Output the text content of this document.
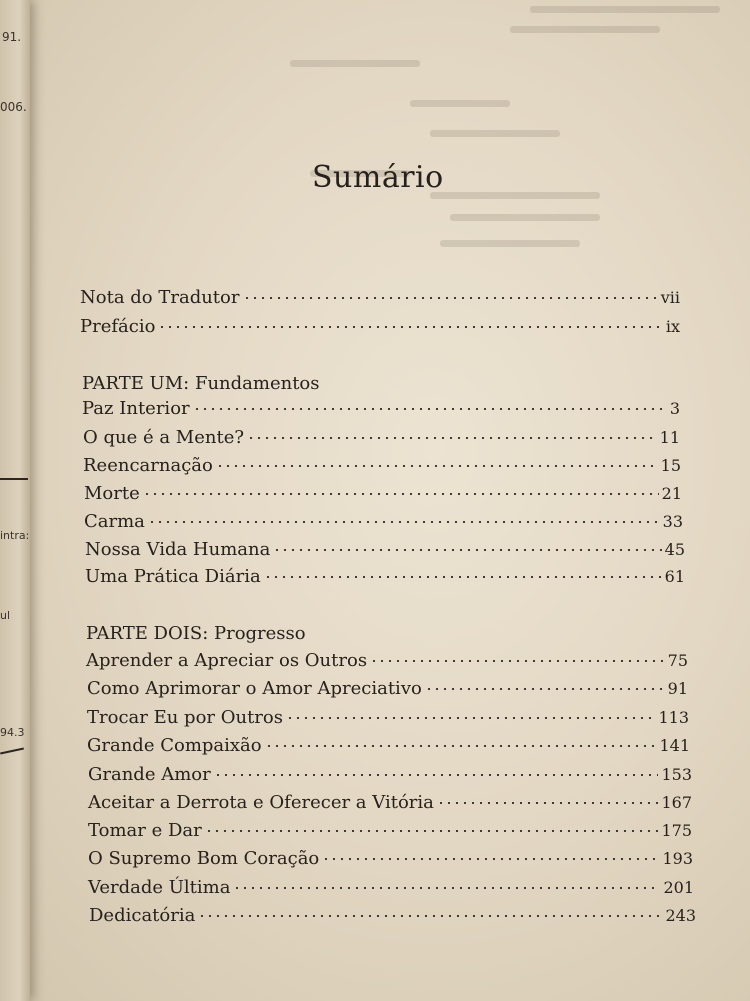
91.
006.
intra:
ul
94.3
Sumário
Nota do Tradutor	vii
Prefácio	ix
PARTE UM: Fundamentos
Paz Interior	3
O que é a Mente?	11
Reencarnação	15
Morte	21
Carma	33
Nossa Vida Humana	45
Uma Prática Diária	61
PARTE DOIS: Progresso
Aprender a Apreciar os Outros	75
Como Aprimorar o Amor Apreciativo	91
Trocar Eu por Outros	113
Grande Compaixão	141
Grande Amor	153
Aceitar a Derrota e Oferecer a Vitória	167
Tomar e Dar	175
O Supremo Bom Coração	193
Verdade Última	201
Dedicatória	243
